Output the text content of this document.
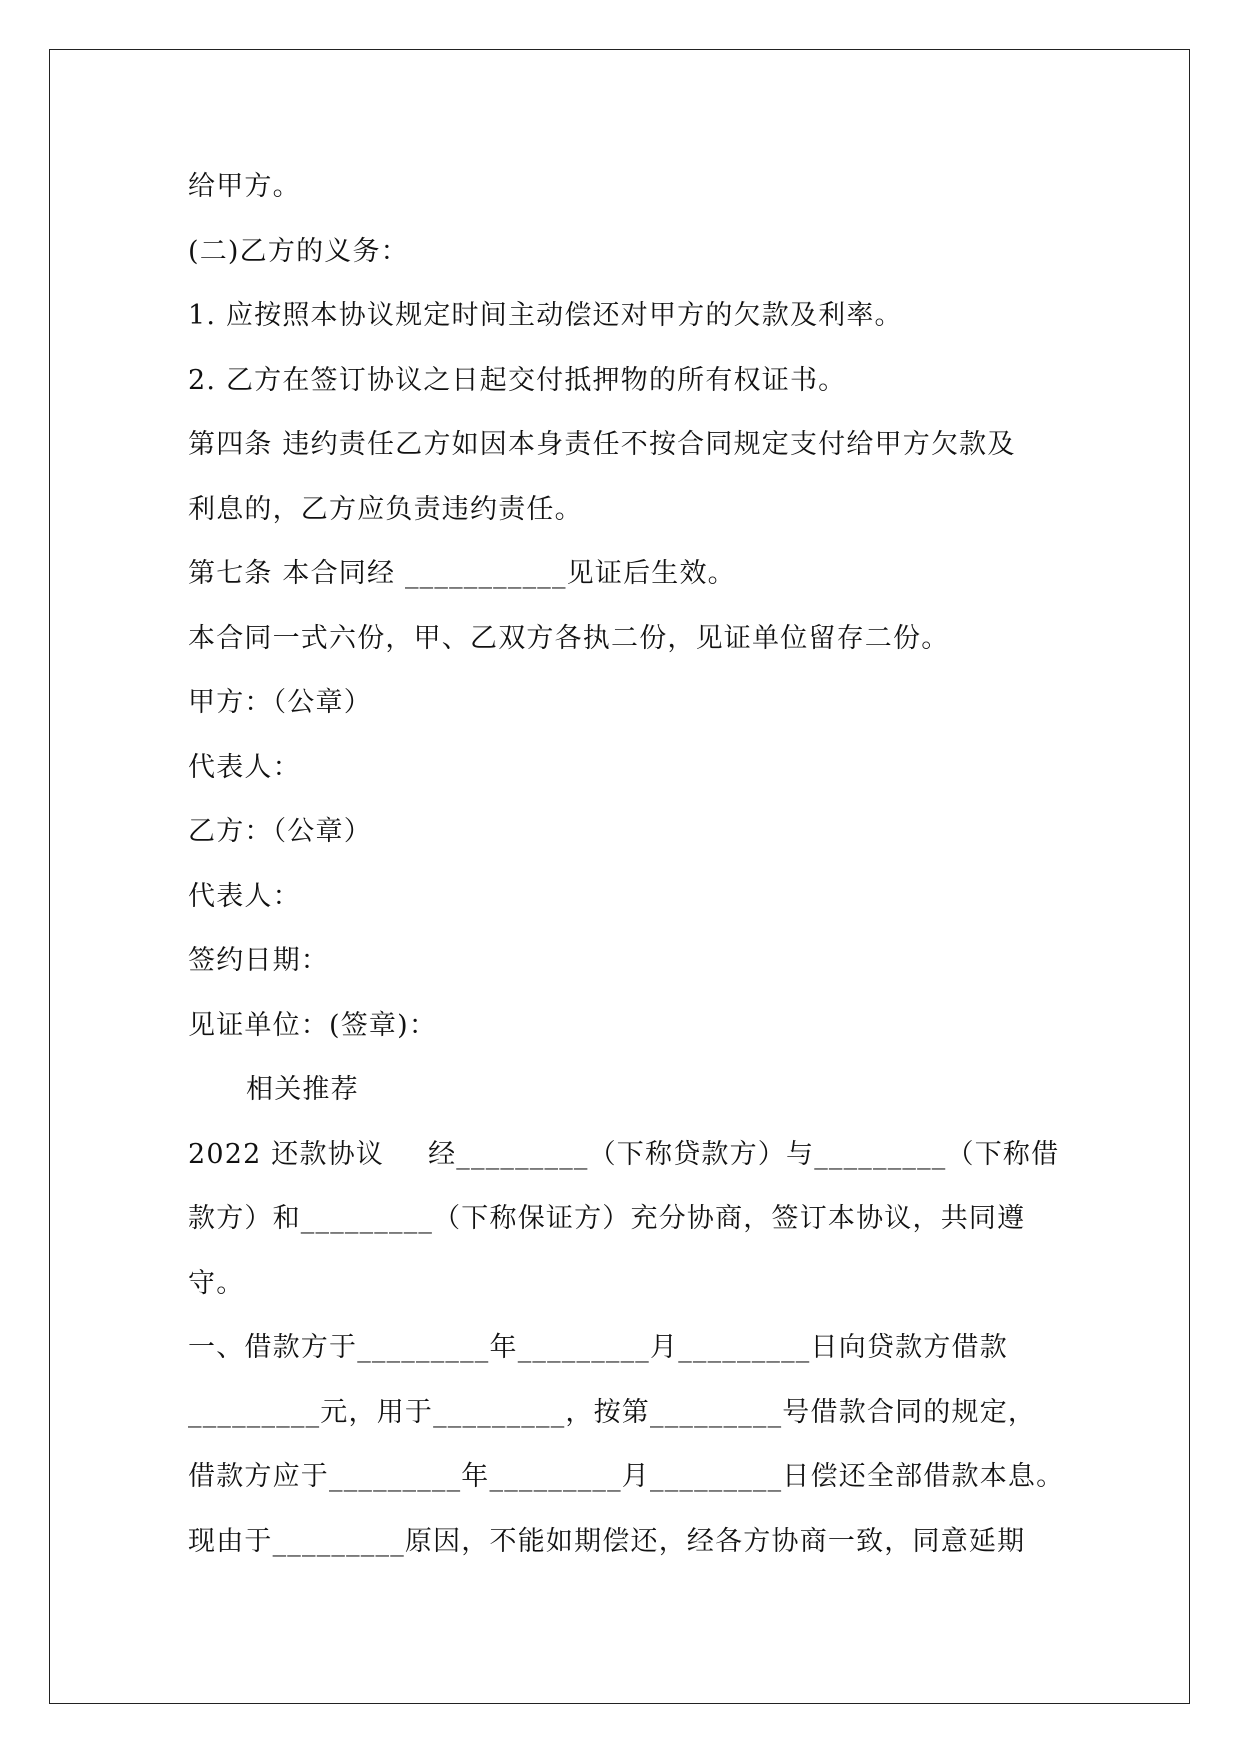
给甲方。

(二)乙方的义务：

1. 应按照本协议规定时间主动偿还对甲方的欠款及利率。

2. 乙方在签订协议之日起交付抵押物的所有权证书。

第四条 违约责任乙方如因本身责任不按合同规定支付给甲方欠款及

利息的，乙方应负责违约责任。

第七条 本合同经 ___________见证后生效。

本合同一式六份，甲、乙双方各执二份，见证单位留存二份。

甲方：（公章）

代表人：

乙方：（公章）

代表人：

签约日期：

见证单位：(签章)：

相关推荐

2022 还款协议 经_________（下称贷款方）与_________（下称借

款方）和_________（下称保证方）充分协商，签订本协议，共同遵

守。

一、借款方于_________年_________月_________日向贷款方借款

_________元，用于_________，按第_________号借款合同的规定，

借款方应于_________年_________月_________日偿还全部借款本息。

现由于_________原因，不能如期偿还，经各方协商一致，同意延期
